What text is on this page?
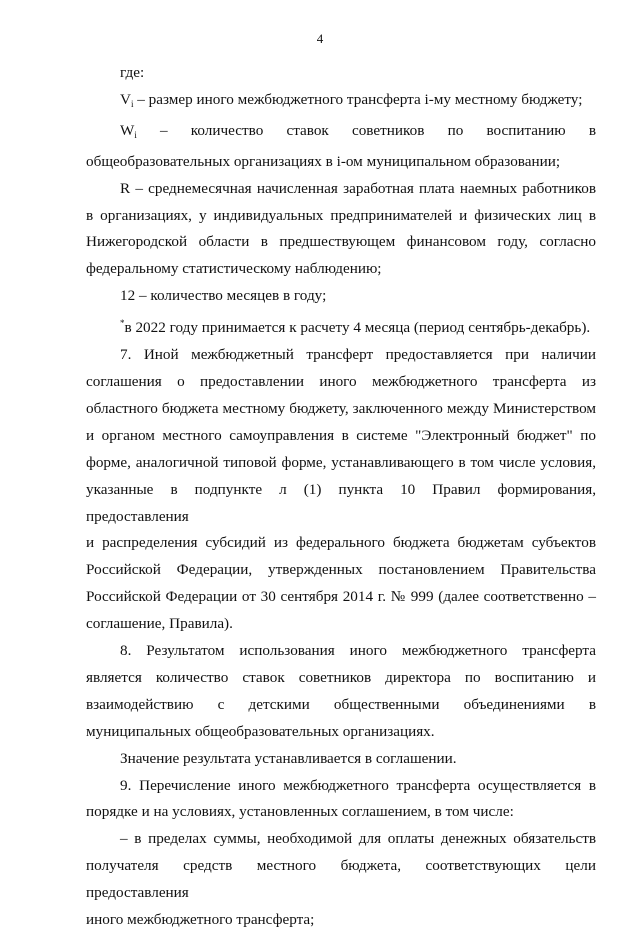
4

где:

$V_i$ – размер иного межбюджетного трансферта i-му местному бюджету;

$W_i$ – количество ставок советников по воспитанию в

общеобразовательных организациях в i-ом муниципальном образовании;

R – среднемесячная начисленная заработная плата наемных работников

в организациях, у индивидуальных предпринимателей и физических лиц в

Нижегородской области в предшествующем финансовом году, согласно

федеральному статистическому наблюдению;

12 – количество месяцев в году;

*в 2022 году принимается к расчету 4 месяца (период сентябрь-декабрь).

7. Иной межбюджетный трансферт предоставляется при наличии

соглашения о предоставлении иного межбюджетного трансферта из

областного бюджета местному бюджету, заключенного между Министерством

и органом местного самоуправления в системе "Электронный бюджет" по

форме, аналогичной типовой форме, устанавливающего в том числе условия,

указанные в подпункте л (1) пункта 10 Правил формирования, предоставления

и распределения субсидий из федерального бюджета бюджетам субъектов

Российской Федерации, утвержденных постановлением Правительства

Российской Федерации от 30 сентября 2014 г. № 999 (далее соответственно –

соглашение, Правила).

8. Результатом использования иного межбюджетного трансферта

является количество ставок советников директора по воспитанию и

взаимодействию с детскими общественными объединениями в

муниципальных общеобразовательных организациях.

Значение результата устанавливается в соглашении.

9. Перечисление иного межбюджетного трансферта осуществляется в

порядке и на условиях, установленных соглашением, в том числе:

– в пределах суммы, необходимой для оплаты денежных обязательств

получателя средств местного бюджета, соответствующих цели предоставления

иного межбюджетного трансферта;
